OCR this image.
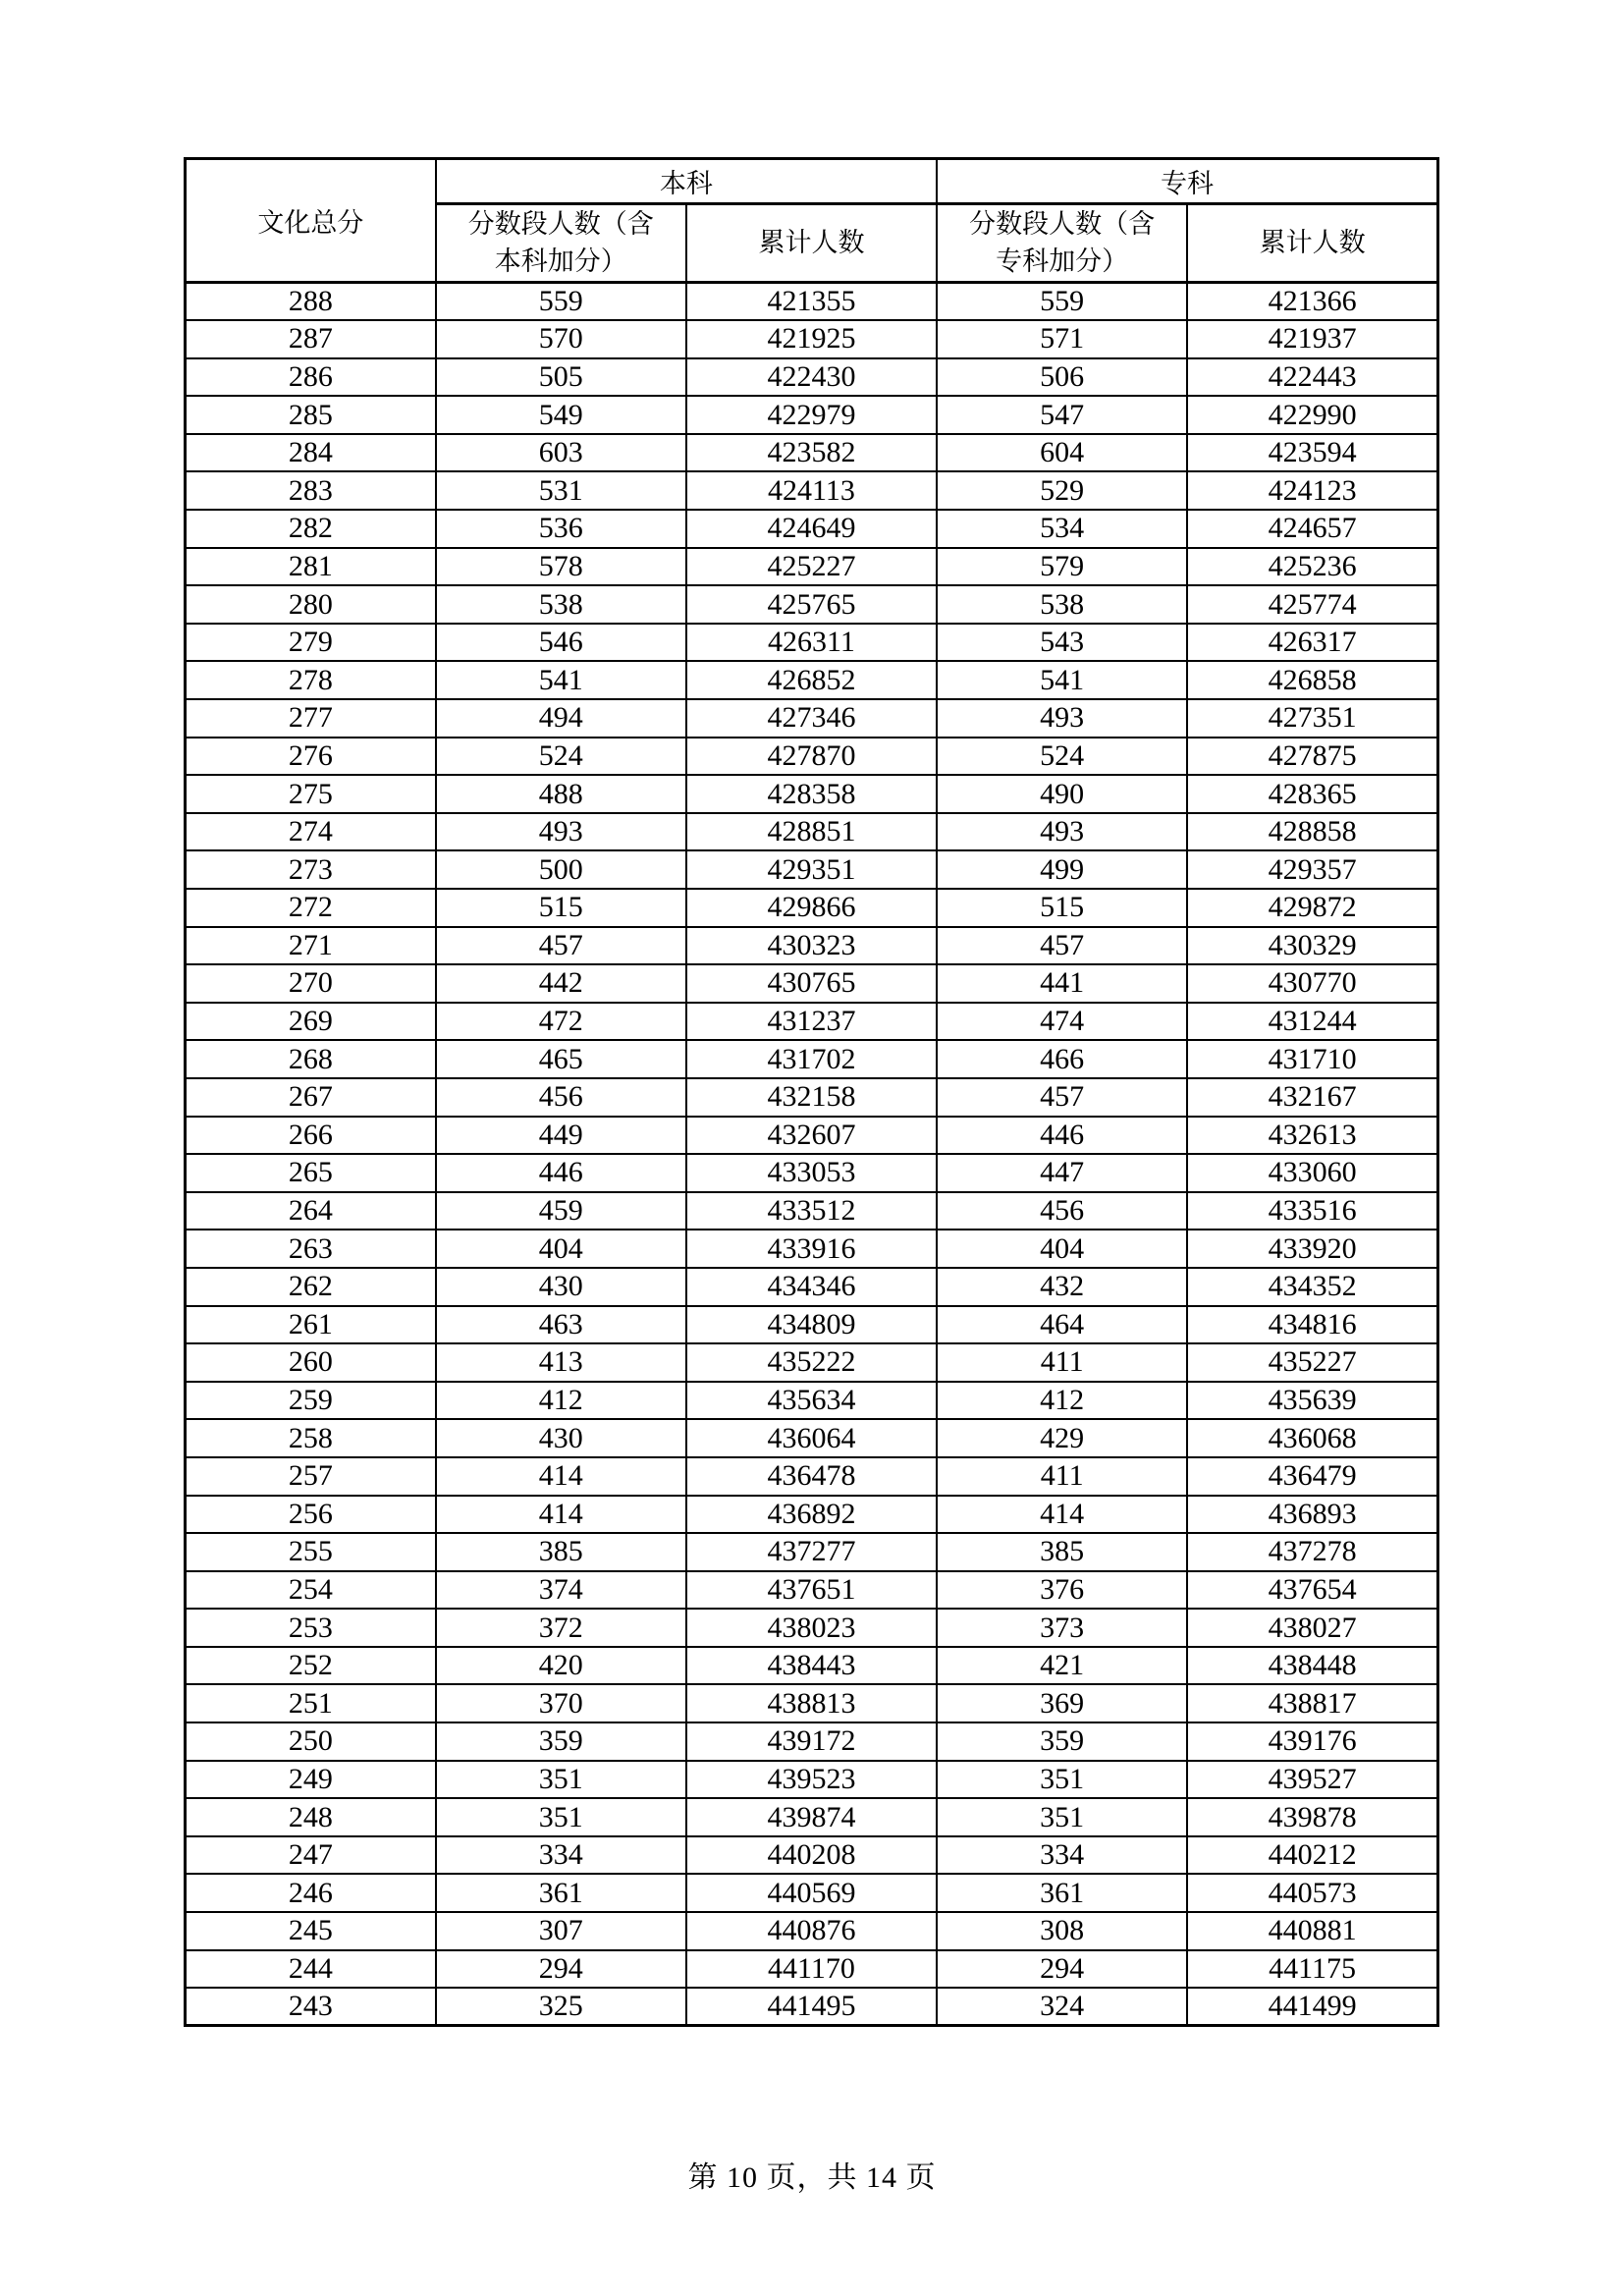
文化总分	本科		专科	
	分数段人数（含本科加分）	累计人数	分数段人数（含专科加分）	累计人数
288	559	421355	559	421366
287	570	421925	571	421937
286	505	422430	506	422443
285	549	422979	547	422990
284	603	423582	604	423594
283	531	424113	529	424123
282	536	424649	534	424657
281	578	425227	579	425236
280	538	425765	538	425774
279	546	426311	543	426317
278	541	426852	541	426858
277	494	427346	493	427351
276	524	427870	524	427875
275	488	428358	490	428365
274	493	428851	493	428858
273	500	429351	499	429357
272	515	429866	515	429872
271	457	430323	457	430329
270	442	430765	441	430770
269	472	431237	474	431244
268	465	431702	466	431710
267	456	432158	457	432167
266	449	432607	446	432613
265	446	433053	447	433060
264	459	433512	456	433516
263	404	433916	404	433920
262	430	434346	432	434352
261	463	434809	464	434816
260	413	435222	411	435227
259	412	435634	412	435639
258	430	436064	429	436068
257	414	436478	411	436479
256	414	436892	414	436893
255	385	437277	385	437278
254	374	437651	376	437654
253	372	438023	373	438027
252	420	438443	421	438448
251	370	438813	369	438817
250	359	439172	359	439176
249	351	439523	351	439527
248	351	439874	351	439878
247	334	440208	334	440212
246	361	440569	361	440573
245	307	440876	308	440881
244	294	441170	294	441175
243	325	441495	324	441499
第 10 页，共 14 页
